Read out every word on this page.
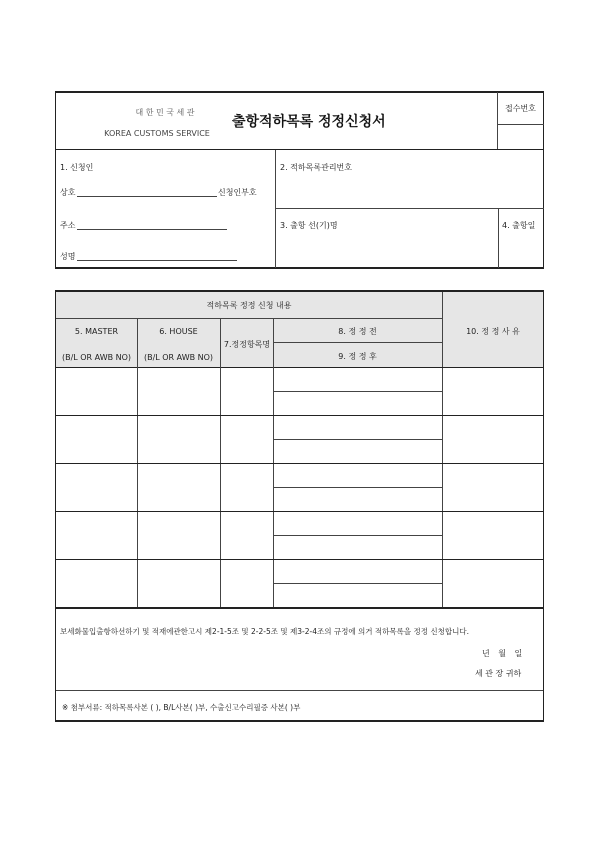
대 한 민 국 세 관
KOREA CUSTOMS SERVICE
출항적하목록 정정신청서
접수번호
1. 신청인
상호	신청인부호
주소
성명
2. 적하목록관리번호
3. 출항 선(기)명	4. 출항일
적하목록 정정 신청 내용
5. MASTER
(B/L OR AWB NO)
6. HOUSE
(B/L OR AWB NO)
7.정정항목명
8. 정 정 전
9. 정 정 후
10. 정 정 사 유
보세화물입출항하선하기 및 적재에관한고시 제2-1-5조 및 2-2-5조 및 제3-2-4조의 규정에 의거 적하목록을 정정 신청합니다.
년 월 일
세 관 장 귀하
※ 첨부서류: 적하목록사본 ( ), B/L사본( )부, 수출신고수리필증 사본( )부
